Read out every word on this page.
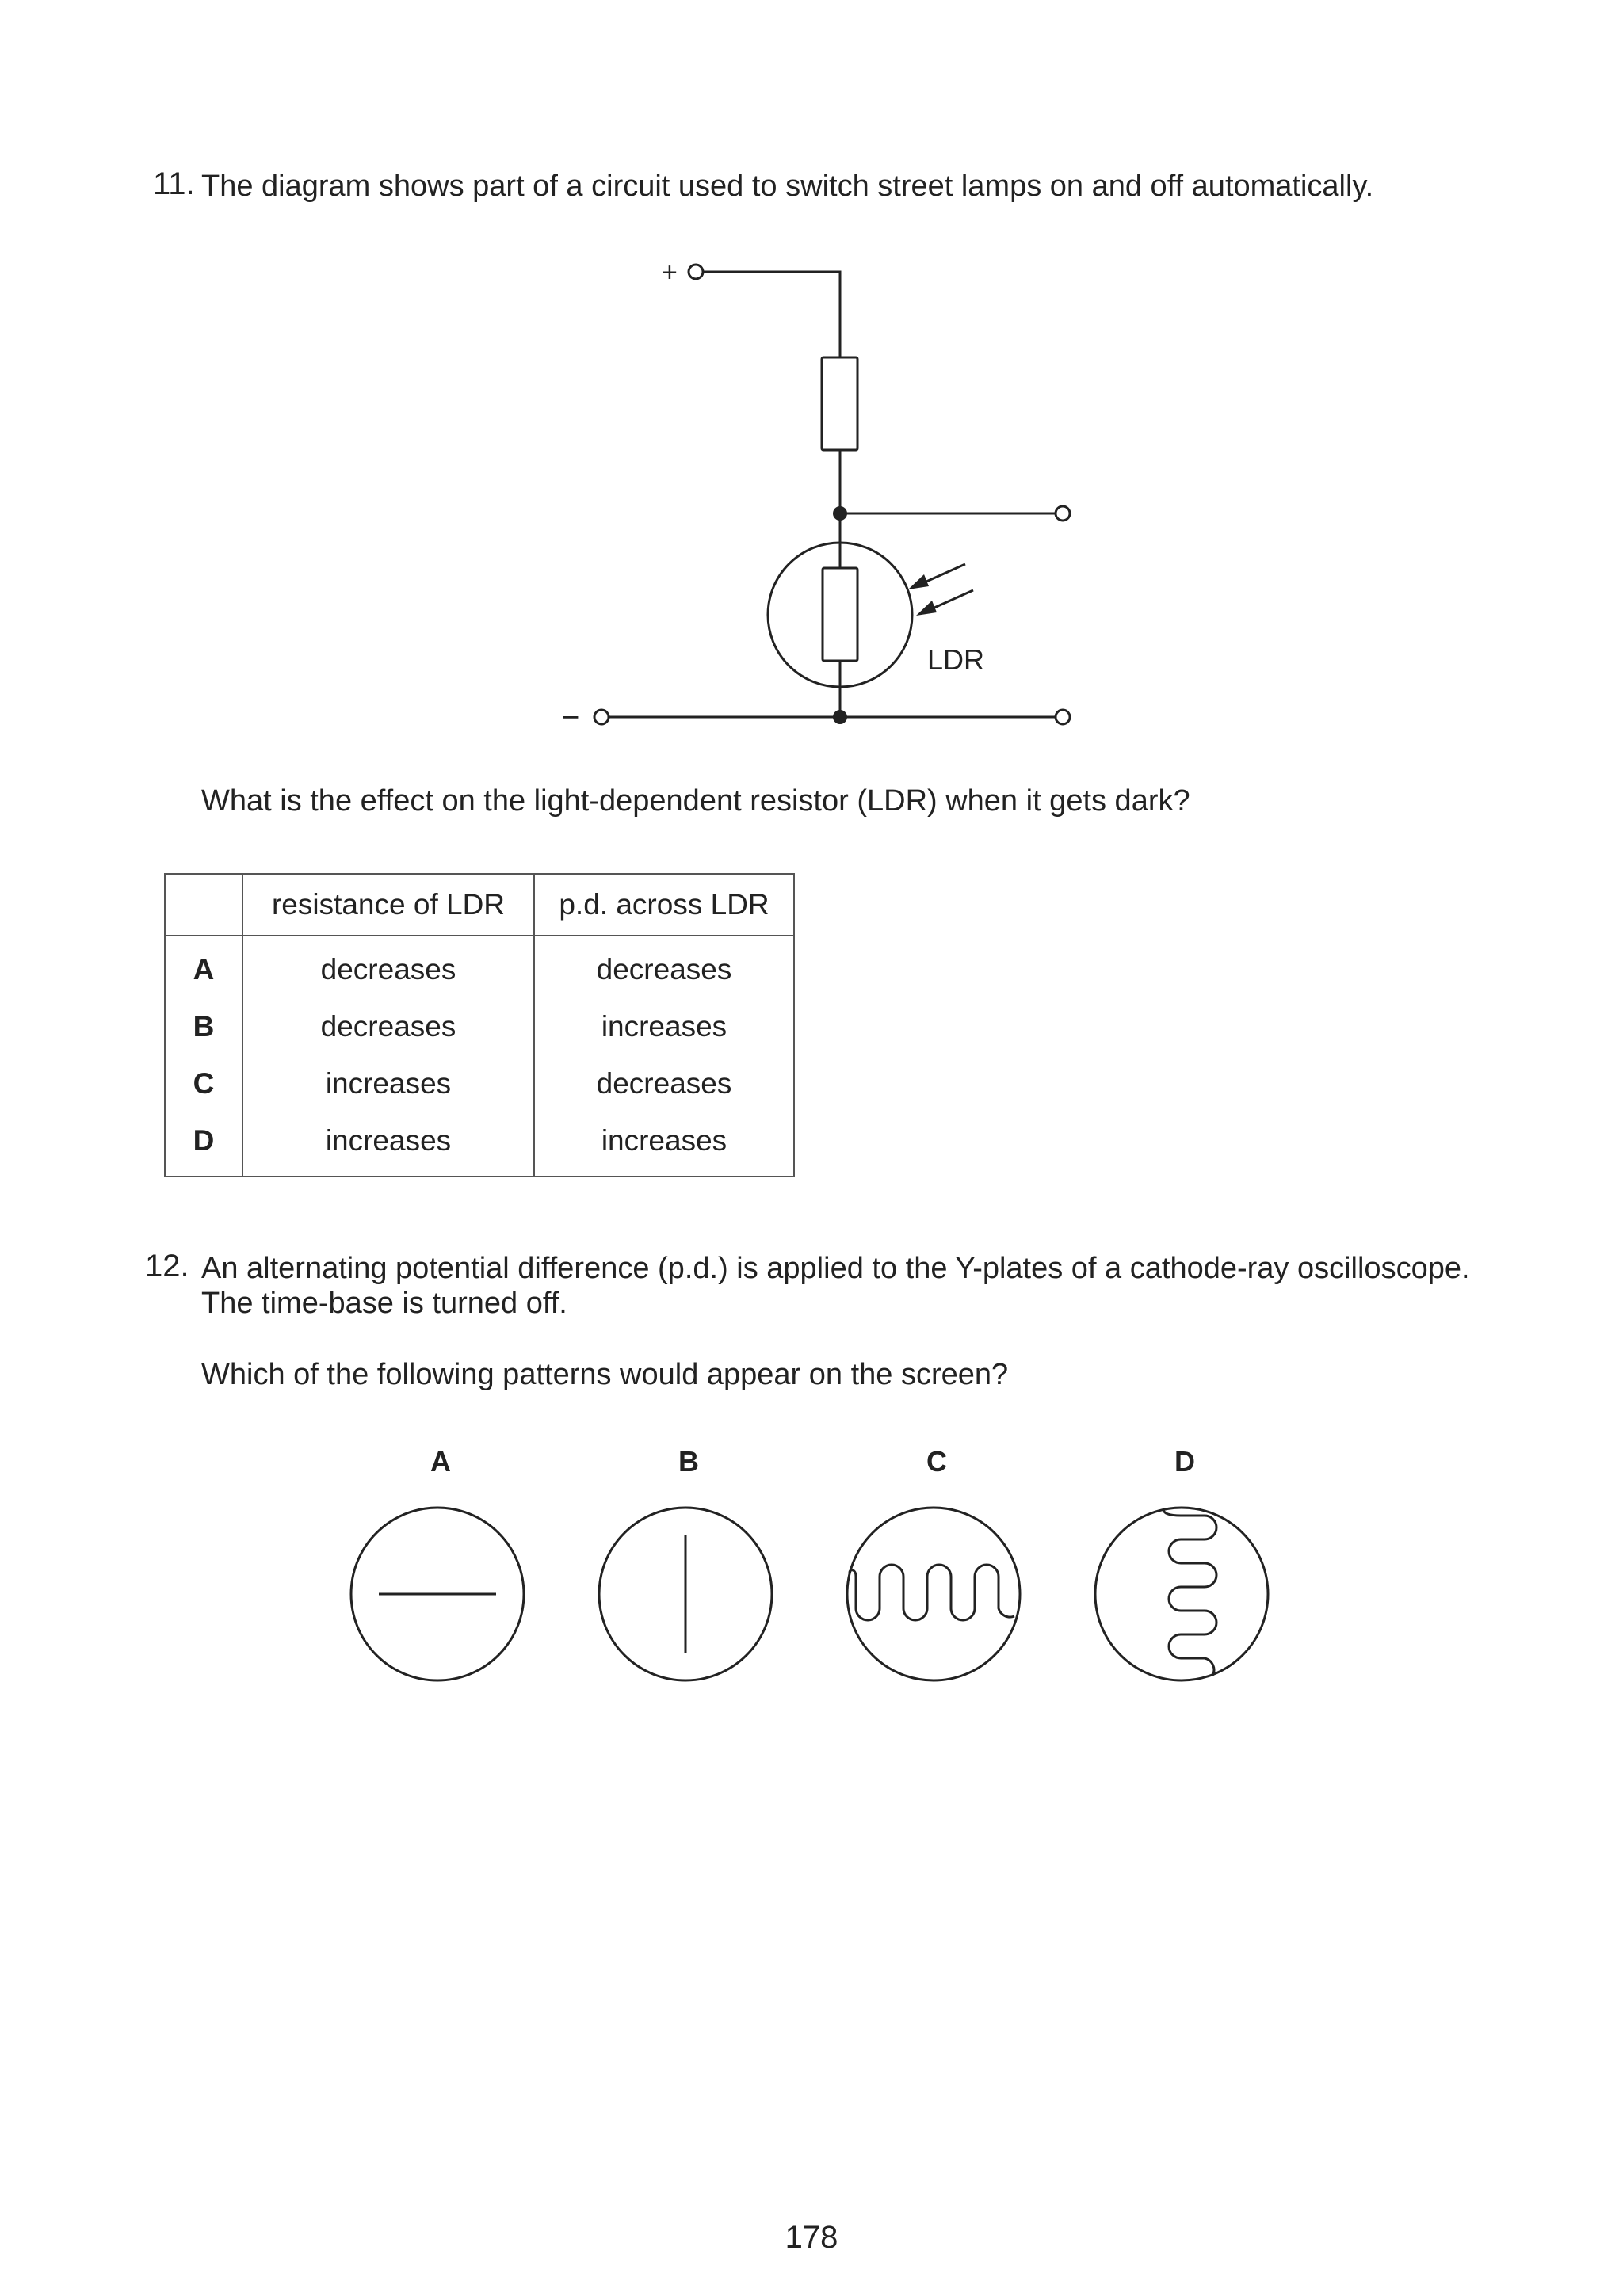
11. The diagram shows part of a circuit used to switch street lamps on and off automatically.
+
−
LDR
What is the effect on the light-dependent resistor (LDR) when it gets dark?
	resistance of LDR	p.d. across LDR
A	decreases	decreases
B	decreases	increases
C	increases	decreases
D	increases	increases
12. An alternating potential difference (p.d.) is applied to the Y-plates of a cathode-ray oscilloscope.
The time-base is turned off.
Which of the following patterns would appear on the screen?
A	B	C	D
178
